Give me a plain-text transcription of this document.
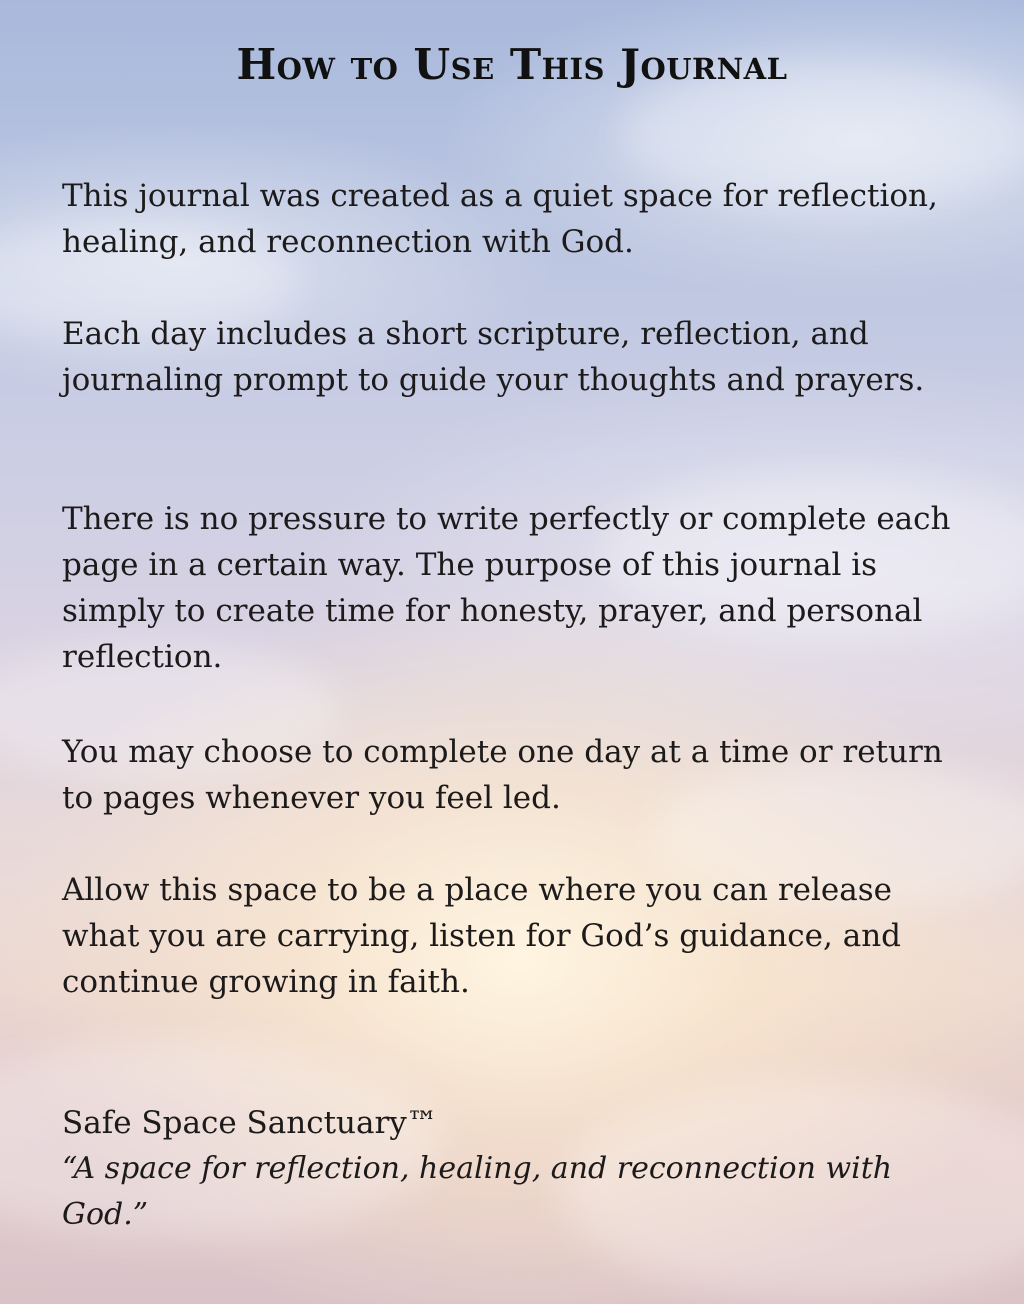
How to Use This Journal

This journal was created as a quiet space for reflection, healing, and reconnection with God.

Each day includes a short scripture, reflection, and journaling prompt to guide your thoughts and prayers.

There is no pressure to write perfectly or complete each page in a certain way. The purpose of this journal is simply to create time for honesty, prayer, and personal reflection.

You may choose to complete one day at a time or return to pages whenever you feel led.

Allow this space to be a place where you can release what you are carrying, listen for God’s guidance, and continue growing in faith.

Safe Space Sanctuary™

“A space for reflection, healing, and reconnection with God.”
